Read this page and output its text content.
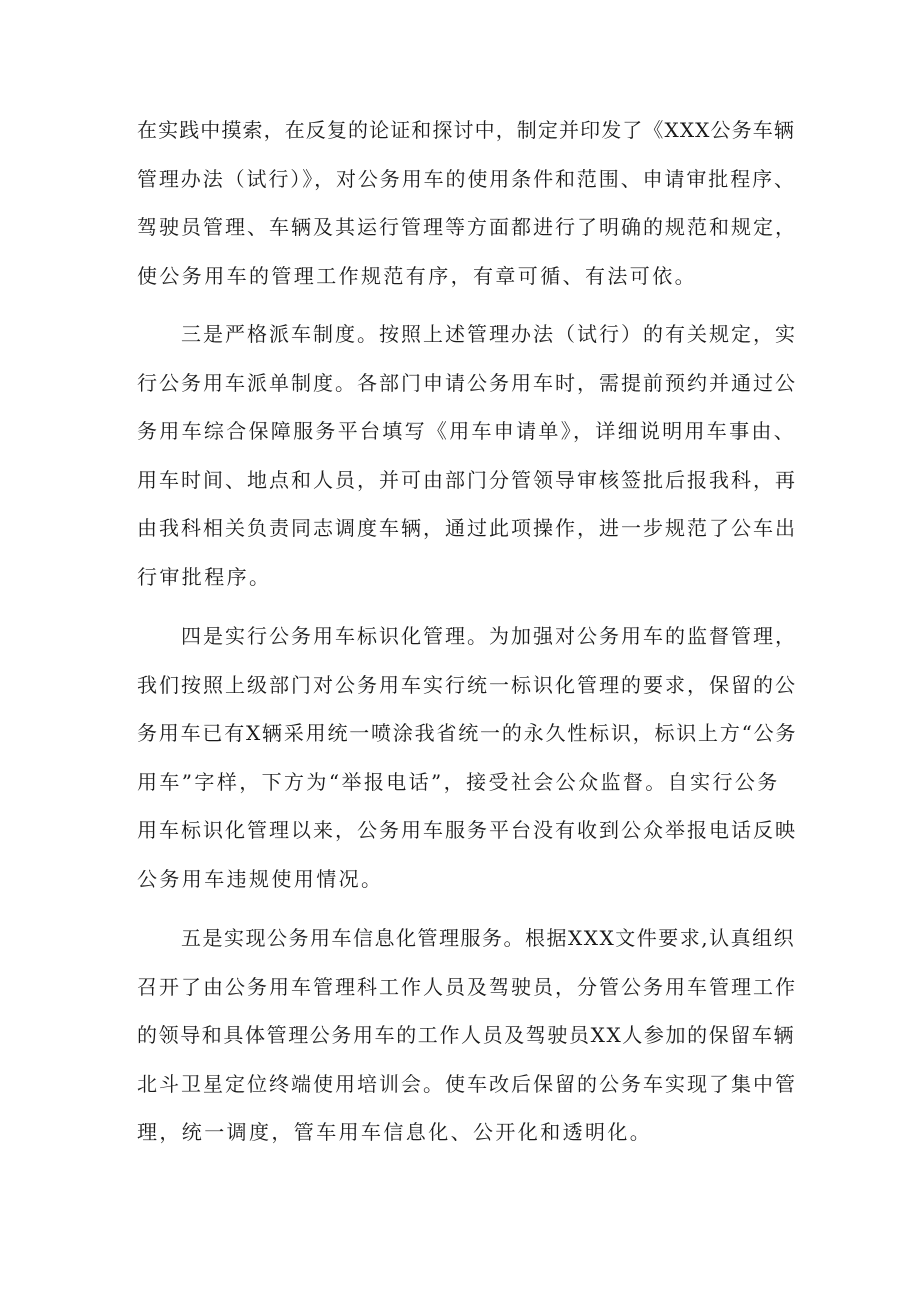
在实践中摸索，在反复的论证和探讨中，制定并印发了《XXX公务车辆
管理办法（试行）》，对公务用车的使用条件和范围、申请审批程序、
驾驶员管理、车辆及其运行管理等方面都进行了明确的规范和规定，
使公务用车的管理工作规范有序，有章可循、有法可依。
三是严格派车制度。按照上述管理办法（试行）的有关规定，实
行公务用车派单制度。各部门申请公务用车时，需提前预约并通过公
务用车综合保障服务平台填写《用车申请单》，详细说明用车事由、
用车时间、地点和人员，并可由部门分管领导审核签批后报我科，再
由我科相关负责同志调度车辆，通过此项操作，进一步规范了公车出
行审批程序。
四是实行公务用车标识化管理。为加强对公务用车的监督管理，
我们按照上级部门对公务用车实行统一标识化管理的要求，保留的公
务用车已有X辆采用统一喷涂我省统一的永久性标识，标识上方“公务
用车”字样，下方为“举报电话”，接受社会公众监督。自实行公务
用车标识化管理以来，公务用车服务平台没有收到公众举报电话反映
公务用车违规使用情况。
五是实现公务用车信息化管理服务。根据XXX文件要求,认真组织
召开了由公务用车管理科工作人员及驾驶员，分管公务用车管理工作
的领导和具体管理公务用车的工作人员及驾驶员XX人参加的保留车辆
北斗卫星定位终端使用培训会。使车改后保留的公务车实现了集中管
理，统一调度，管车用车信息化、公开化和透明化。
